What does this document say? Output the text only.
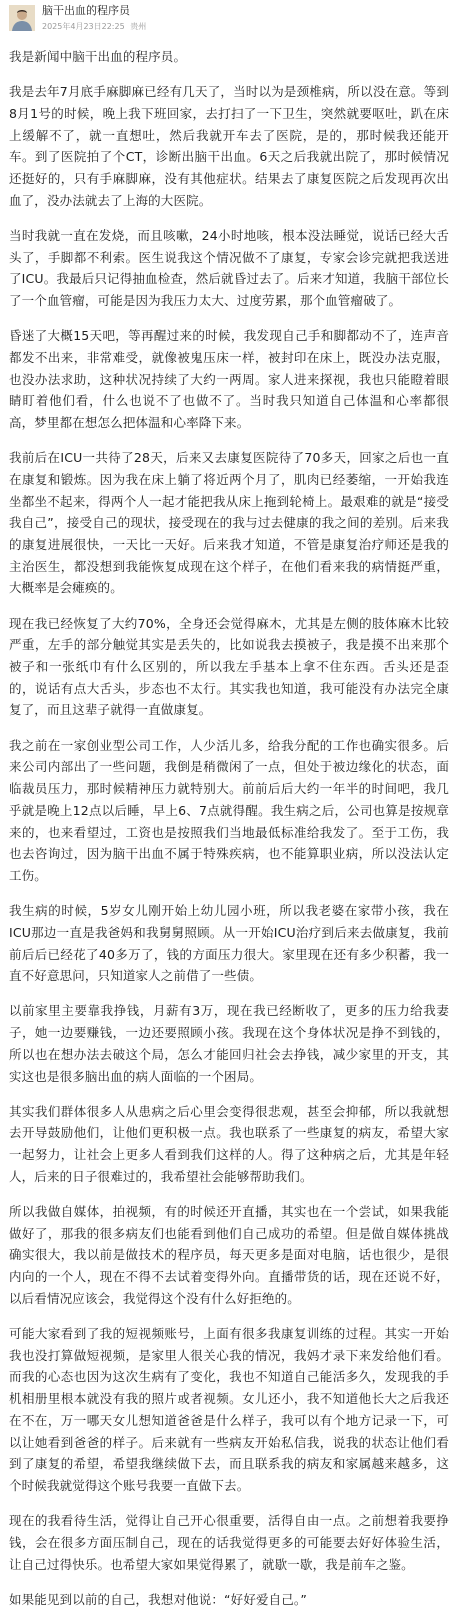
脑干出血的程序员
2025年4月23日22:25 贵州

我是新闻中脑干出血的程序员。

我是去年7月底手麻脚麻已经有几天了，当时以为是颈椎病，所以没在意。等到8月1号的时候，晚上我下班回家，去打扫了一下卫生，突然就要呕吐，趴在床上缓解不了，就一直想吐，然后我就开车去了医院，是的，那时候我还能开车。到了医院拍了个CT，诊断出脑干出血。6天之后我就出院了，那时候情况还挺好的，只有手麻脚麻，没有其他症状。结果去了康复医院之后发现再次出血了，没办法就去了上海的大医院。

当时我就一直在发烧，而且咳嗽，24小时地咳，根本没法睡觉，说话已经大舌头了，手脚都不利索。医生说我这个情况做不了康复，专家会诊完就把我送进了ICU。我最后只记得抽血检查，然后就昏过去了。后来才知道，我脑干部位长了一个血管瘤，可能是因为我压力太大、过度劳累，那个血管瘤破了。

昏迷了大概15天吧，等再醒过来的时候，我发现自己手和脚都动不了，连声音都发不出来，非常难受，就像被鬼压床一样，被封印在床上，既没办法克服，也没办法求助，这种状况持续了大约一两周。家人进来探视，我也只能瞪着眼睛盯着他们看，什么也说不了也做不了。当时我只知道自己体温和心率都很高，梦里都在想怎么把体温和心率降下来。

我前后在ICU一共待了28天，后来又去康复医院待了70多天，回家之后也一直在康复和锻炼。因为我在床上躺了将近两个月了，肌肉已经萎缩，一开始我连坐都坐不起来，得两个人一起才能把我从床上拖到轮椅上。最艰难的就是“接受我自己”，接受自己的现状，接受现在的我与过去健康的我之间的差别。后来我的康复进展很快，一天比一天好。后来我才知道，不管是康复治疗师还是我的主治医生，都没想到我能恢复成现在这个样子，在他们看来我的病情挺严重，大概率是会瘫痪的。

现在我已经恢复了大约70%，全身还会觉得麻木，尤其是左侧的肢体麻木比较严重，左手的部分触觉其实是丢失的，比如说我去摸被子，我是摸不出来那个被子和一张纸巾有什么区别的，所以我左手基本上拿不住东西。舌头还是歪的，说话有点大舌头，步态也不太行。其实我也知道，我可能没有办法完全康复了，而且这辈子就得一直做康复。

我之前在一家创业型公司工作，人少活儿多，给我分配的工作也确实很多。后来公司内部出了一些问题，我倒是稍微闲了一点，但处于被边缘化的状态，面临裁员压力，那时候精神压力就特别大。前前后后大约一年半的时间吧，我几乎就是晚上12点以后睡，早上6、7点就得醒。我生病之后，公司也算是按规章来的，也来看望过，工资也是按照我们当地最低标准给我发了。至于工伤，我也去咨询过，因为脑干出血不属于特殊疾病，也不能算职业病，所以没法认定工伤。

我生病的时候，5岁女儿刚开始上幼儿园小班，所以我老婆在家带小孩，我在ICU那边一直是我爸妈和我舅舅照顾。从一开始ICU治疗到后来去做康复，我前前后后已经花了40多万了，钱的方面压力很大。家里现在还有多少积蓄，我一直不好意思问，只知道家人之前借了一些债。

以前家里主要靠我挣钱，月薪有3万，现在我已经断收了，更多的压力给我妻子，她一边要赚钱，一边还要照顾小孩。我现在这个身体状况是挣不到钱的，所以也在想办法去破这个局，怎么才能回归社会去挣钱，减少家里的开支，其实这也是很多脑出血的病人面临的一个困局。

其实我们群体很多人从患病之后心里会变得很悲观，甚至会抑郁，所以我就想去开导鼓励他们，让他们更积极一点。我也联系了一些康复的病友，希望大家一起努力，让社会上更多人看到我们这样的人。得了这种病之后，尤其是年轻人，后来的日子很难过的，我希望社会能够帮助我们。

所以我做自媒体，拍视频，有的时候还开直播，其实也在一个尝试，如果我能做好了，那我的很多病友们也能看到他们自己成功的希望。但是做自媒体挑战确实很大，我以前是做技术的程序员，每天更多是面对电脑，话也很少，是很内向的一个人，现在不得不去试着变得外向。直播带货的话，现在还说不好，以后看情况应该会，我觉得这个没有什么好拒绝的。

可能大家看到了我的短视频账号，上面有很多我康复训练的过程。其实一开始我也没打算做短视频，是家里人很关心我的情况，我妈才录下来发给他们看。而我的心态也因为这次生病有了变化，我也不知道自己能活多久，发现我的手机相册里根本就没有我的照片或者视频。女儿还小，我不知道他长大之后我还在不在，万一哪天女儿想知道爸爸是什么样子，我可以有个地方记录一下，可以让她看到爸爸的样子。后来就有一些病友开始私信我，说我的状态让他们看到了康复的希望，希望我继续做下去，而且联系我的病友和家属越来越多，这个时候我就觉得这个账号我要一直做下去。

现在的我看待生活，觉得让自己开心很重要，活得自由一点。之前想着我要挣钱，会在很多方面压制自己，现在的话我觉得更多的可能要去好好体验生活，让自己过得快乐。也希望大家如果觉得累了，就歇一歇，我是前车之鉴。

如果能见到以前的自己，我想对他说：“好好爱自己。”
